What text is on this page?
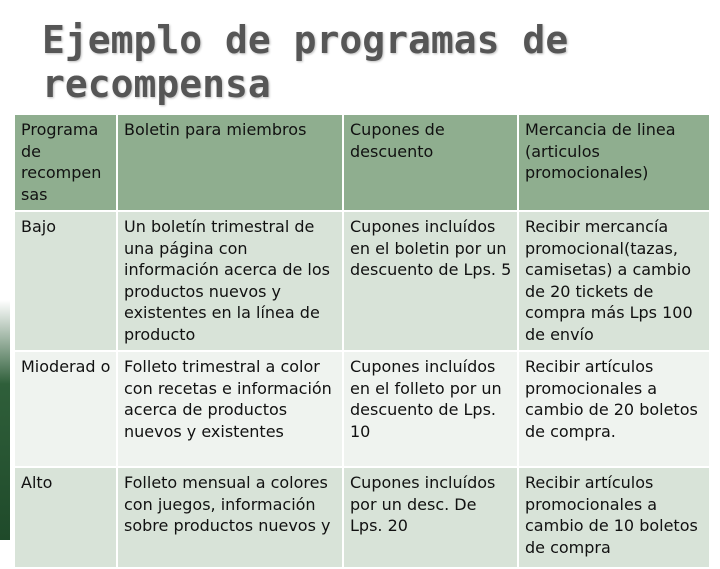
Ejemplo de programas de recompensa
Programa de recompen sas	Boletin para miembros	Cupones de descuento	Mercancia de linea (articulos promocionales)
Bajo	Un boletín trimestral de una página con información acerca de los productos nuevos y existentes en la línea de producto	Cupones incluídos en el boletin por un descuento de Lps. 5	Recibir mercancía promocional(tazas, camisetas) a cambio de 20 tickets de compra más Lps 100 de envío
Mioderad o	Folleto trimestral a color con recetas e información acerca de productos nuevos y existentes	Cupones incluídos en el folleto por un descuento de Lps. 10	Recibir artículos promocionales a cambio de 20 boletos de compra.
Alto	Folleto mensual a colores con juegos, información sobre productos nuevos y	Cupones incluídos por un desc. De Lps. 20	Recibir artículos promocionales a cambio de 10 boletos de compra
